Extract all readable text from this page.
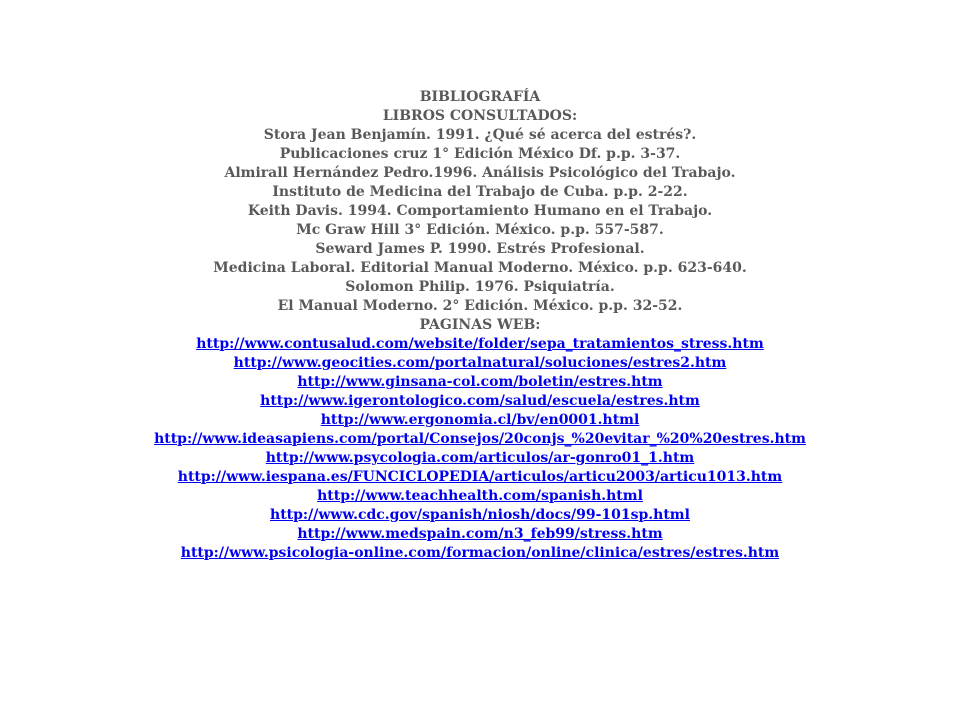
BIBLIOGRAFÍA
LIBROS CONSULTADOS:
Stora Jean Benjamín. 1991. ¿Qué sé acerca del estrés?.
Publicaciones cruz 1° Edición México Df. p.p. 3-37.
Almirall Hernández Pedro.1996. Análisis Psicológico del Trabajo.
Instituto de Medicina del Trabajo de Cuba. p.p. 2-22.
Keith Davis. 1994. Comportamiento Humano en el Trabajo.
Mc Graw Hill 3° Edición. México. p.p. 557-587.
Seward James P. 1990. Estrés Profesional.
Medicina Laboral. Editorial Manual Moderno. México. p.p. 623-640.
Solomon Philip. 1976. Psiquiatría.
El Manual Moderno. 2° Edición. México. p.p. 32-52.
PAGINAS WEB:
http://www.contusalud.com/website/folder/sepa_tratamientos_stress.htm
http://www.geocities.com/portalnatural/soluciones/estres2.htm
http://www.ginsana-col.com/boletin/estres.htm
http://www.igerontologico.com/salud/escuela/estres.htm
http://www.ergonomia.cl/bv/en0001.html
http://www.ideasapiens.com/portal/Consejos/20conjs_%20evitar_%20%20estres.htm
http://www.psycologia.com/articulos/ar-gonro01_1.htm
http://www.iespana.es/FUNCICLOPEDIA/articulos/articu2003/articu1013.htm
http://www.teachhealth.com/spanish.html
http://www.cdc.gov/spanish/niosh/docs/99-101sp.html
http://www.medspain.com/n3_feb99/stress.htm
http://www.psicologia-online.com/formacion/online/clinica/estres/estres.htm
